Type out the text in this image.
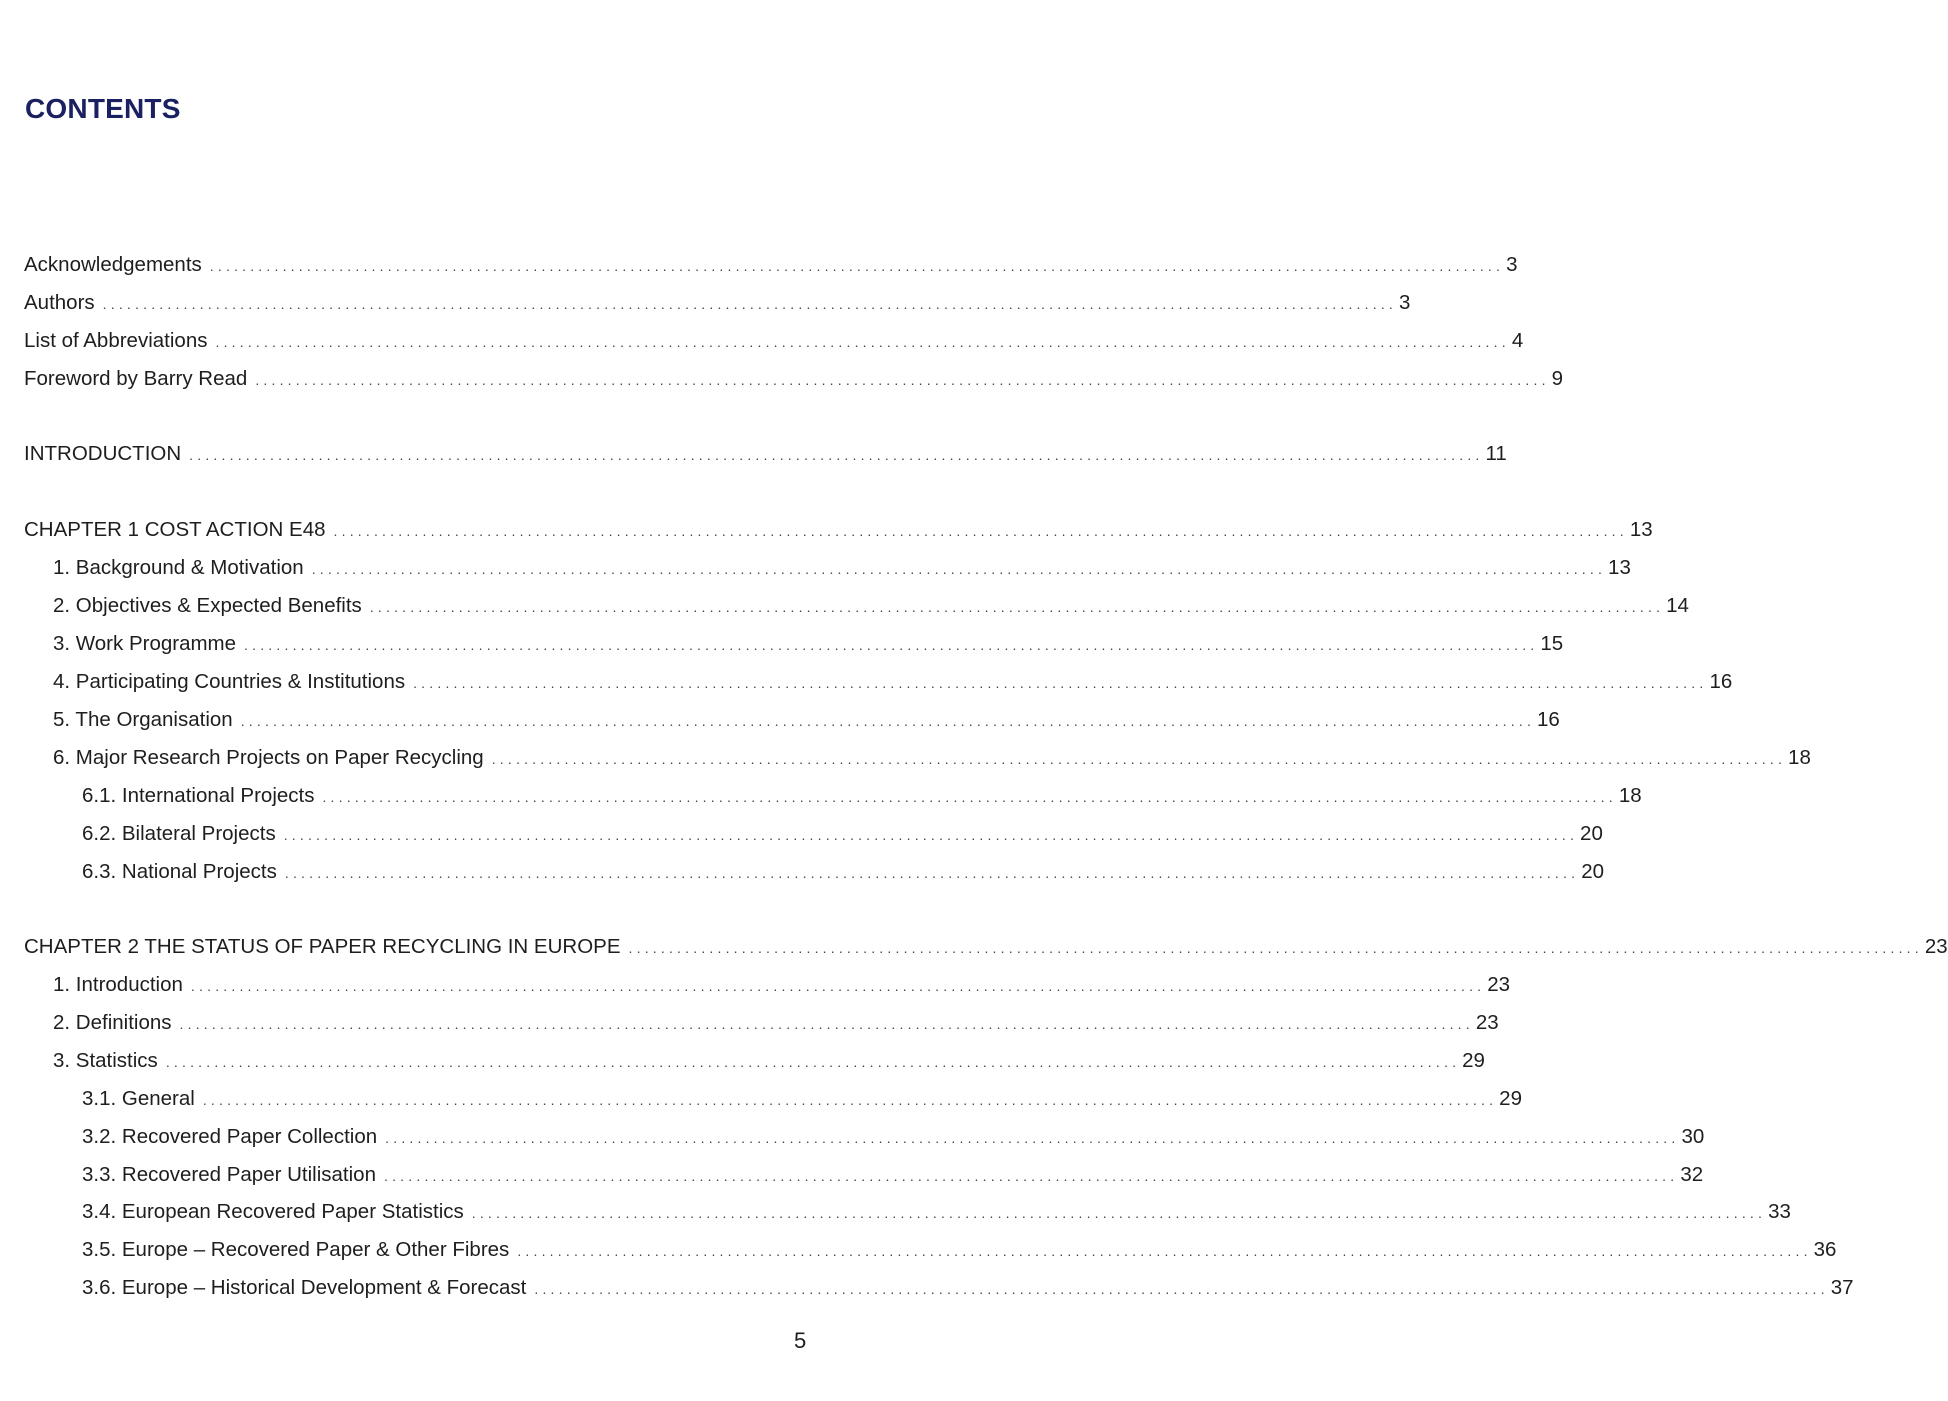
CONTENTS
Acknowledgements ................................................................................................................................................................ 3
Authors ................................................................................................................................................................ 3
List of Abbreviations ................................................................................................................................................................ 4
Foreword by Barry Read ................................................................................................................................................................ 9
INTRODUCTION ................................................................................................................................................................ 11
CHAPTER 1 COST ACTION E48 ................................................................................................................................................................ 13
1. Background & Motivation ................................................................................................................................................................ 13
2. Objectives & Expected Benefits ................................................................................................................................................................ 14
3. Work Programme ................................................................................................................................................................ 15
4. Participating Countries & Institutions ................................................................................................................................................................ 16
5. The Organisation ................................................................................................................................................................ 16
6. Major Research Projects on Paper Recycling ................................................................................................................................................................ 18
6.1. International Projects ................................................................................................................................................................ 18
6.2. Bilateral Projects ................................................................................................................................................................ 20
6.3. National Projects ................................................................................................................................................................ 20
CHAPTER 2 THE STATUS OF PAPER RECYCLING IN EUROPE ................................................................................................................................................................ 23
1. Introduction ................................................................................................................................................................ 23
2. Definitions ................................................................................................................................................................ 23
3. Statistics ................................................................................................................................................................ 29
3.1. General ................................................................................................................................................................ 29
3.2. Recovered Paper Collection ................................................................................................................................................................ 30
3.3. Recovered Paper Utilisation ................................................................................................................................................................ 32
3.4. European Recovered Paper Statistics ................................................................................................................................................................ 33
3.5. Europe – Recovered Paper & Other Fibres ................................................................................................................................................................ 36
3.6. Europe – Historical Development & Forecast ................................................................................................................................................................ 37
5
